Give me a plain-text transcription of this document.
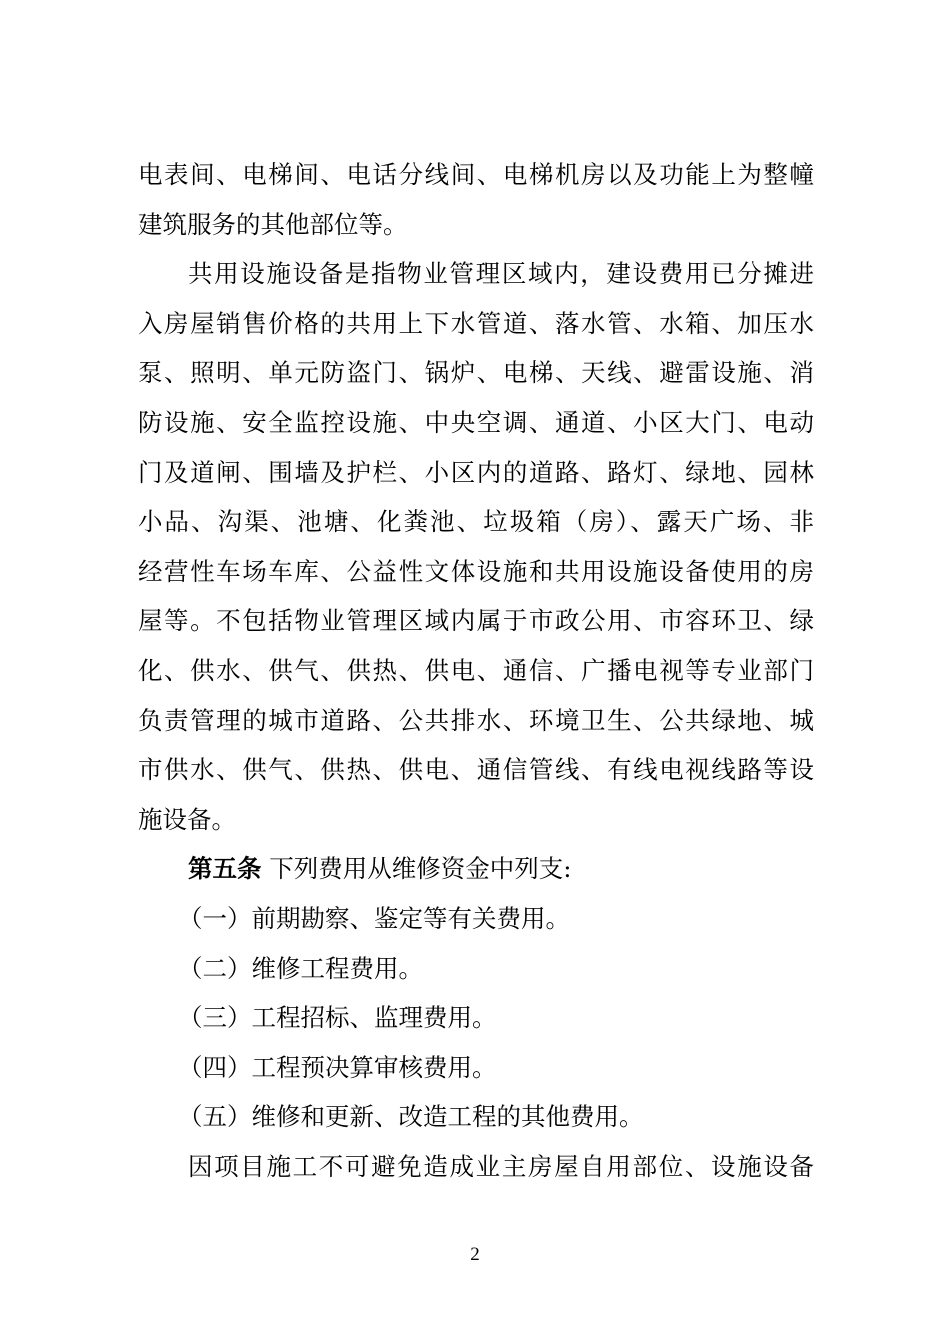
电表间、电梯间、电话分线间、电梯机房以及功能上为整幢
建筑服务的其他部位等。
共用设施设备是指物业管理区域内，建设费用已分摊进
入房屋销售价格的共用上下水管道、落水管、水箱、加压水
泵、照明、单元防盗门、锅炉、电梯、天线、避雷设施、消
防设施、安全监控设施、中央空调、通道、小区大门、电动
门及道闸、围墙及护栏、小区内的道路、路灯、绿地、园林
小品、沟渠、池塘、化粪池、垃圾箱（房）、露天广场、非
经营性车场车库、公益性文体设施和共用设施设备使用的房
屋等。不包括物业管理区域内属于市政公用、市容环卫、绿
化、供水、供气、供热、供电、通信、广播电视等专业部门
负责管理的城市道路、公共排水、环境卫生、公共绿地、城
市供水、供气、供热、供电、通信管线、有线电视线路等设
施设备。
第五条 下列费用从维修资金中列支:
（一）前期勘察、鉴定等有关费用。
（二）维修工程费用。
（三）工程招标、监理费用。
（四）工程预决算审核费用。
（五）维修和更新、改造工程的其他费用。
因项目施工不可避免造成业主房屋自用部位、设施设备
2
